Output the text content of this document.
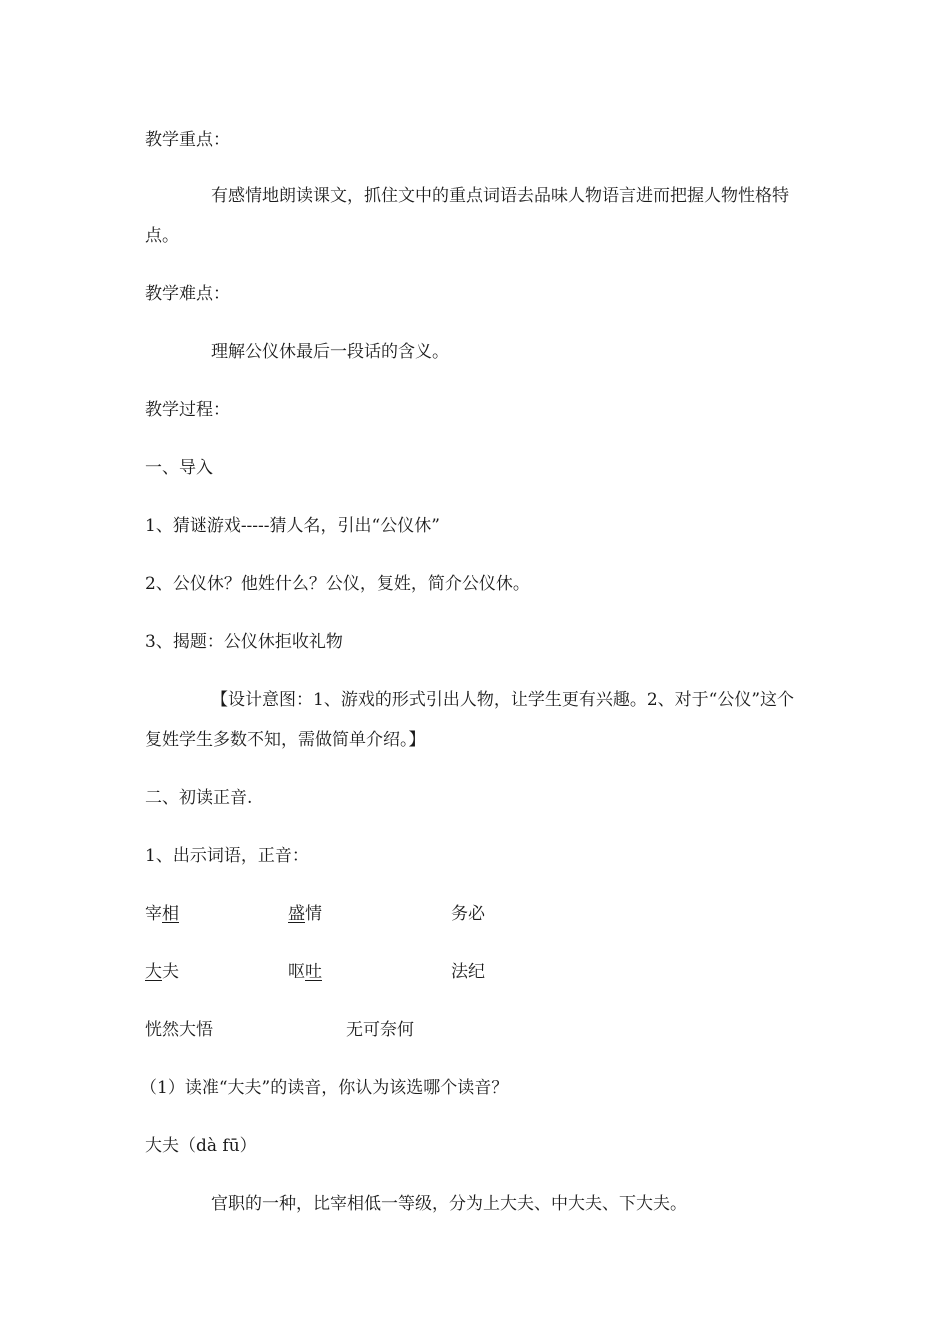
教学重点：
有感情地朗读课文，抓住文中的重点词语去品味人物语言进而把握人物性格特点。
教学难点：
理解公仪休最后一段话的含义。
教学过程：
一、导入
1、猜谜游戏-----猜人名，引出“公仪休”
2、公仪休？他姓什么？公仪，复姓，简介公仪休。
3、揭题：公仪休拒收礼物
【设计意图：1、游戏的形式引出人物，让学生更有兴趣。2、对于“公仪”这个复姓学生多数不知，需做简单介绍。】
二、初读正音.
1、出示词语，正音：
宰相	盛情	务必
大夫	呕吐	法纪
恍然大悟	无可奈何
（1）读准“大夫”的读音，你认为该选哪个读音？
大夫（dà fū）
官职的一种，比宰相低一等级，分为上大夫、中大夫、下大夫。
